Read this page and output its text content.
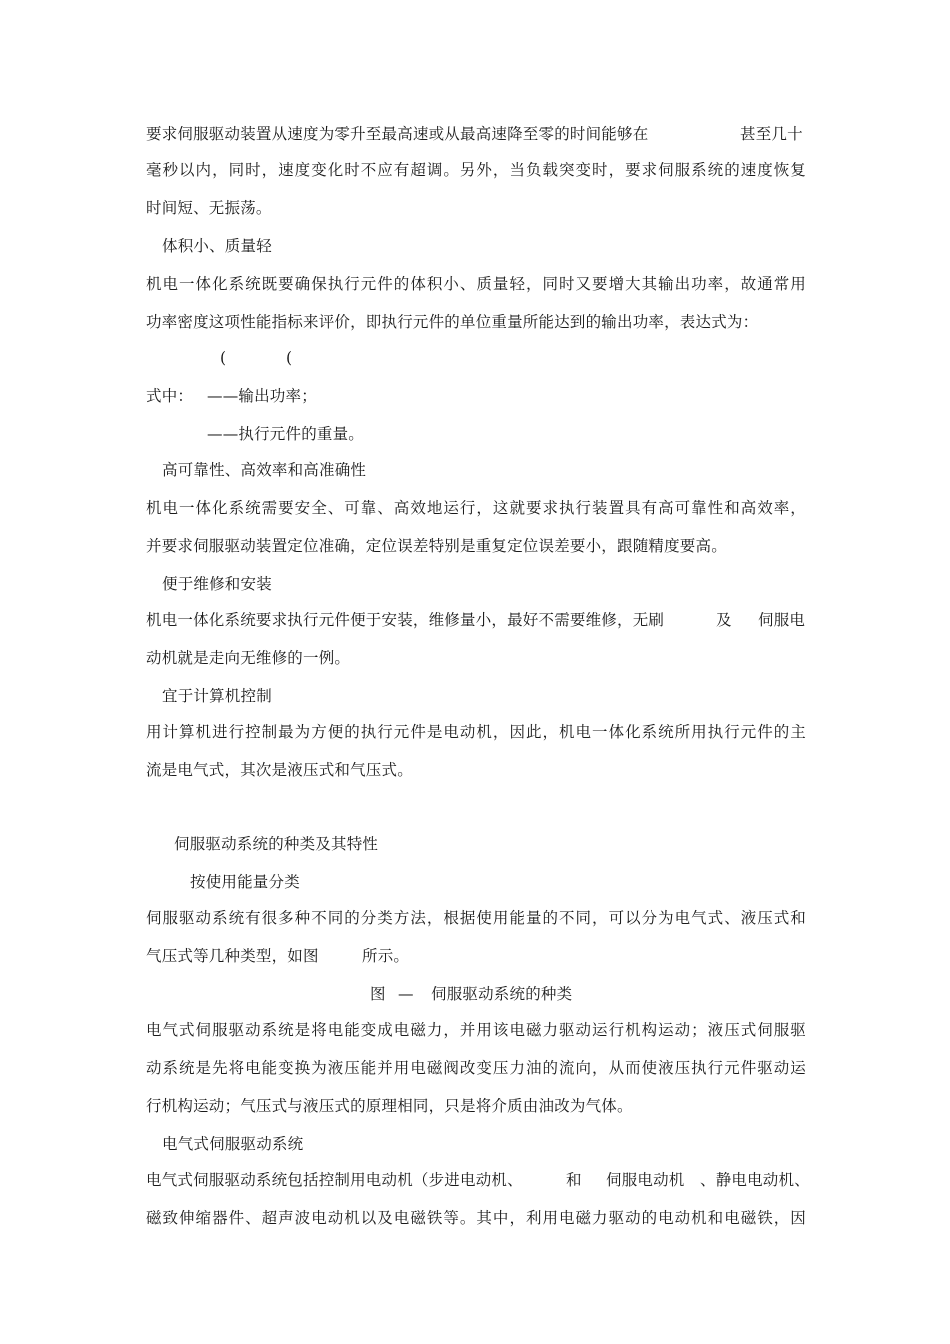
要求伺服驱动装置从速度为零升至最高速或从最高速降至零的时间能够在	甚至几十
毫秒以内，同时，速度变化时不应有超调。另外，当负载突变时，要求伺服系统的速度恢复
时间短、无振荡。
体积小、质量轻
机电一体化系统既要确保执行元件的体积小、质量轻，同时又要增大其输出功率，故通常用
功率密度这项性能指标来评价，即执行元件的单位重量所能达到的输出功率，表达式为：
(	(
式中： ——输出功率；
——执行元件的重量。
高可靠性、高效率和高准确性
机电一体化系统需要安全、可靠、高效地运行，这就要求执行装置具有高可靠性和高效率，
并要求伺服驱动装置定位准确，定位误差特别是重复定位误差要小，跟随精度要高。
便于维修和安装
机电一体化系统要求执行元件便于安装，维修量小，最好不需要维修，无刷	及 伺服电
动机就是走向无维修的一例。
宜于计算机控制
用计算机进行控制最为方便的执行元件是电动机，因此，机电一体化系统所用执行元件的主
流是电气式，其次是液压式和气压式。
伺服驱动系统的种类及其特性
按使用能量分类
伺服驱动系统有很多种不同的分类方法，根据使用能量的不同，可以分为电气式、液压式和
气压式等几种类型，如图	所示。
图 — 伺服驱动系统的种类
电气式伺服驱动系统是将电能变成电磁力，并用该电磁力驱动运行机构运动；液压式伺服驱
动系统是先将电能变换为液压能并用电磁阀改变压力油的流向，从而使液压执行元件驱动运
行机构运动；气压式与液压式的原理相同，只是将介质由油改为气体。
电气式伺服驱动系统
电气式伺服驱动系统包括控制用电动机（步进电动机、	和 伺服电动机 、静电电动机、
磁致伸缩器件、超声波电动机以及电磁铁等。其中，利用电磁力驱动的电动机和电磁铁，因
